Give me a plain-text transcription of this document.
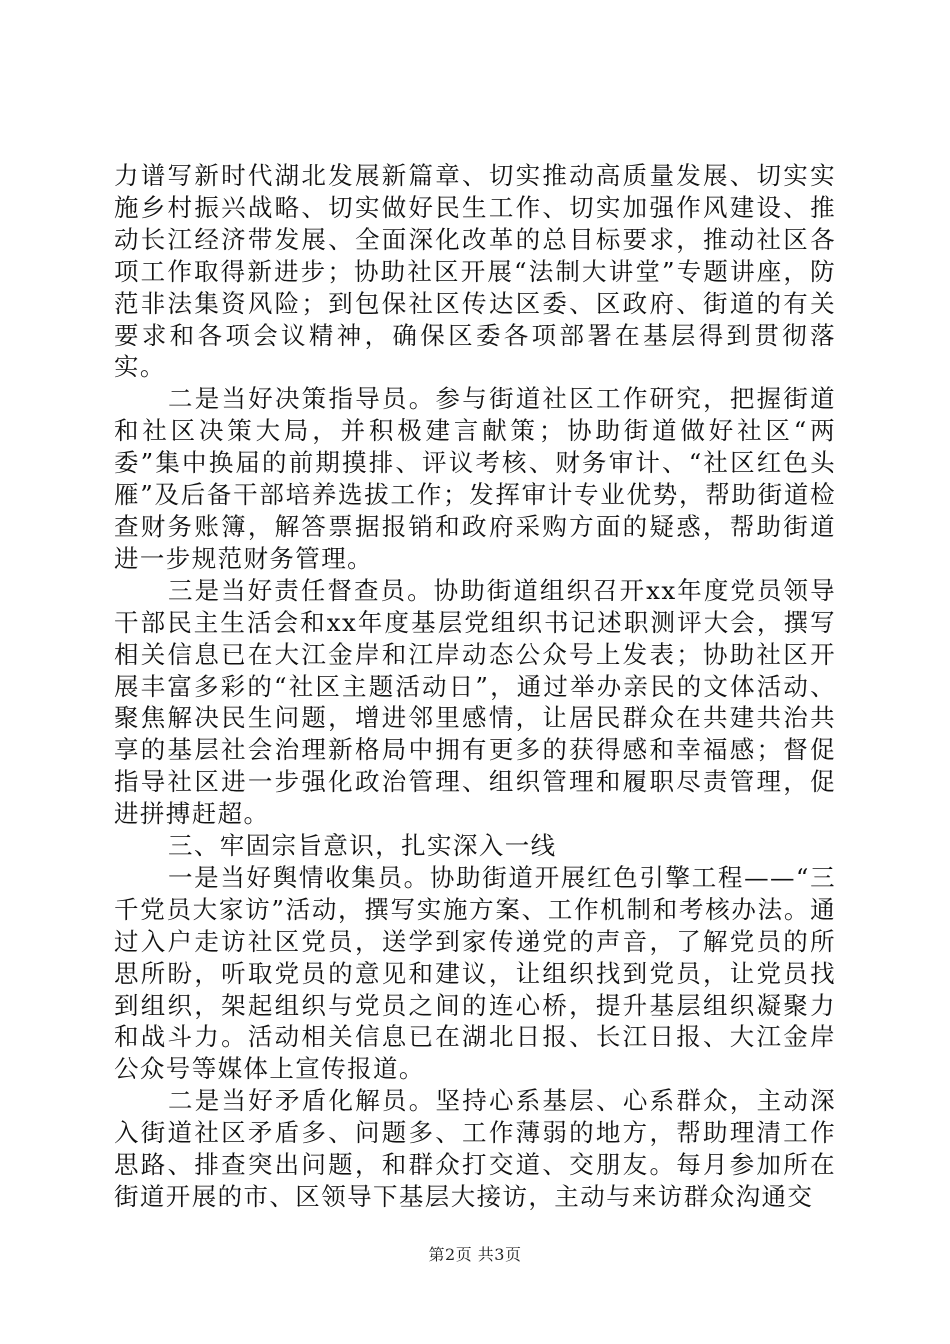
力谱写新时代湖北发展新篇章、切实推动高质量发展、切实实施乡村振兴战略、切实做好民生工作、切实加强作风建设、推动长江经济带发展、全面深化改革的总目标要求，推动社区各项工作取得新进步；协助社区开展“法制大讲堂”专题讲座，防范非法集资风险；到包保社区传达区委、区政府、街道的有关要求和各项会议精神，确保区委各项部署在基层得到贯彻落实。

二是当好决策指导员。参与街道社区工作研究，把握街道和社区决策大局，并积极建言献策；协助街道做好社区“两委”集中换届的前期摸排、评议考核、财务审计、“社区红色头雁”及后备干部培养选拔工作；发挥审计专业优势，帮助街道检查财务账簿，解答票据报销和政府采购方面的疑惑，帮助街道进一步规范财务管理。

三是当好责任督查员。协助街道组织召开xx年度党员领导干部民主生活会和xx年度基层党组织书记述职测评大会，撰写相关信息已在大江金岸和江岸动态公众号上发表；协助社区开展丰富多彩的“社区主题活动日”，通过举办亲民的文体活动、聚焦解决民生问题，增进邻里感情，让居民群众在共建共治共享的基层社会治理新格局中拥有更多的获得感和幸福感；督促指导社区进一步强化政治管理、组织管理和履职尽责管理，促进拼搏赶超。

三、牢固宗旨意识，扎实深入一线

一是当好舆情收集员。协助街道开展红色引擎工程——“三千党员大家访”活动，撰写实施方案、工作机制和考核办法。通过入户走访社区党员，送学到家传递党的声音，了解党员的所思所盼，听取党员的意见和建议，让组织找到党员，让党员找到组织，架起组织与党员之间的连心桥，提升基层组织凝聚力和战斗力。活动相关信息已在湖北日报、长江日报、大江金岸公众号等媒体上宣传报道。

二是当好矛盾化解员。坚持心系基层、心系群众，主动深入街道社区矛盾多、问题多、工作薄弱的地方，帮助理清工作思路、排查突出问题，和群众打交道、交朋友。每月参加所在街道开展的市、区领导下基层大接访，主动与来访群众沟通交

第2页 共3页
